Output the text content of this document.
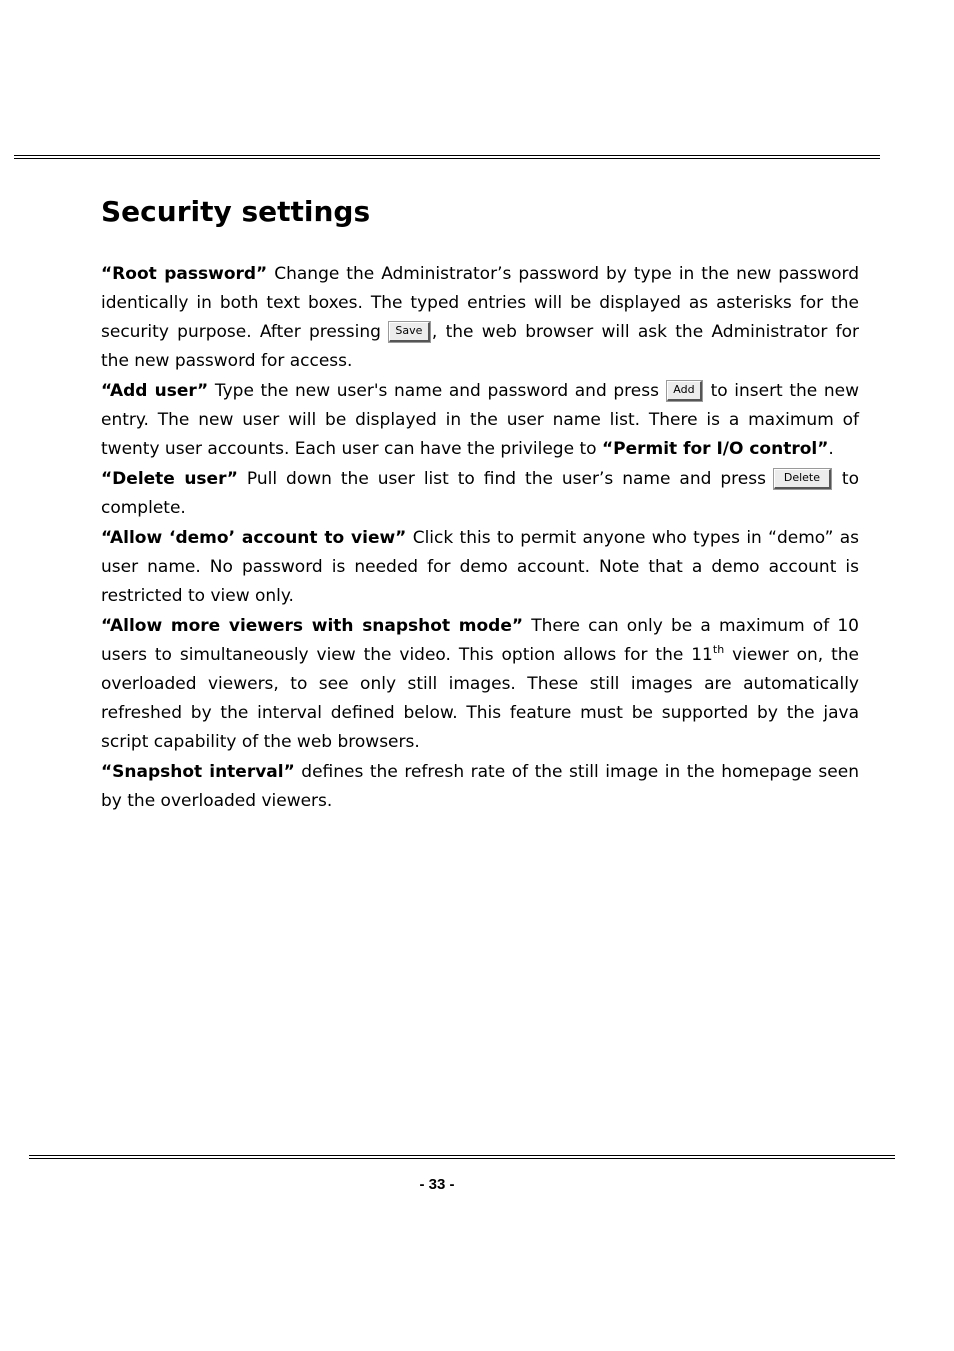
Security settings

“Root password” Change the Administrator’s password by type in the new password identically in both text boxes. The typed entries will be displayed as asterisks for the security purpose. After pressing Save , the web browser will ask the Administrator for the new password for access.

“Add user” Type the new user's name and password and press Add to insert the new entry. The new user will be displayed in the user name list. There is a maximum of twenty user accounts. Each user can have the privilege to “Permit for I/O control”.

“Delete user” Pull down the user list to find the user’s name and press Delete to complete.

“Allow ‘demo’ account to view” Click this to permit anyone who types in “demo” as user name. No password is needed for demo account. Note that a demo account is restricted to view only.

“Allow more viewers with snapshot mode” There can only be a maximum of 10 users to simultaneously view the video. This option allows for the 11th viewer on, the overloaded viewers, to see only still images. These still images are automatically refreshed by the interval defined below. This feature must be supported by the java script capability of the web browsers.

“Snapshot interval” defines the refresh rate of the still image in the homepage seen by the overloaded viewers.

- 33 -
